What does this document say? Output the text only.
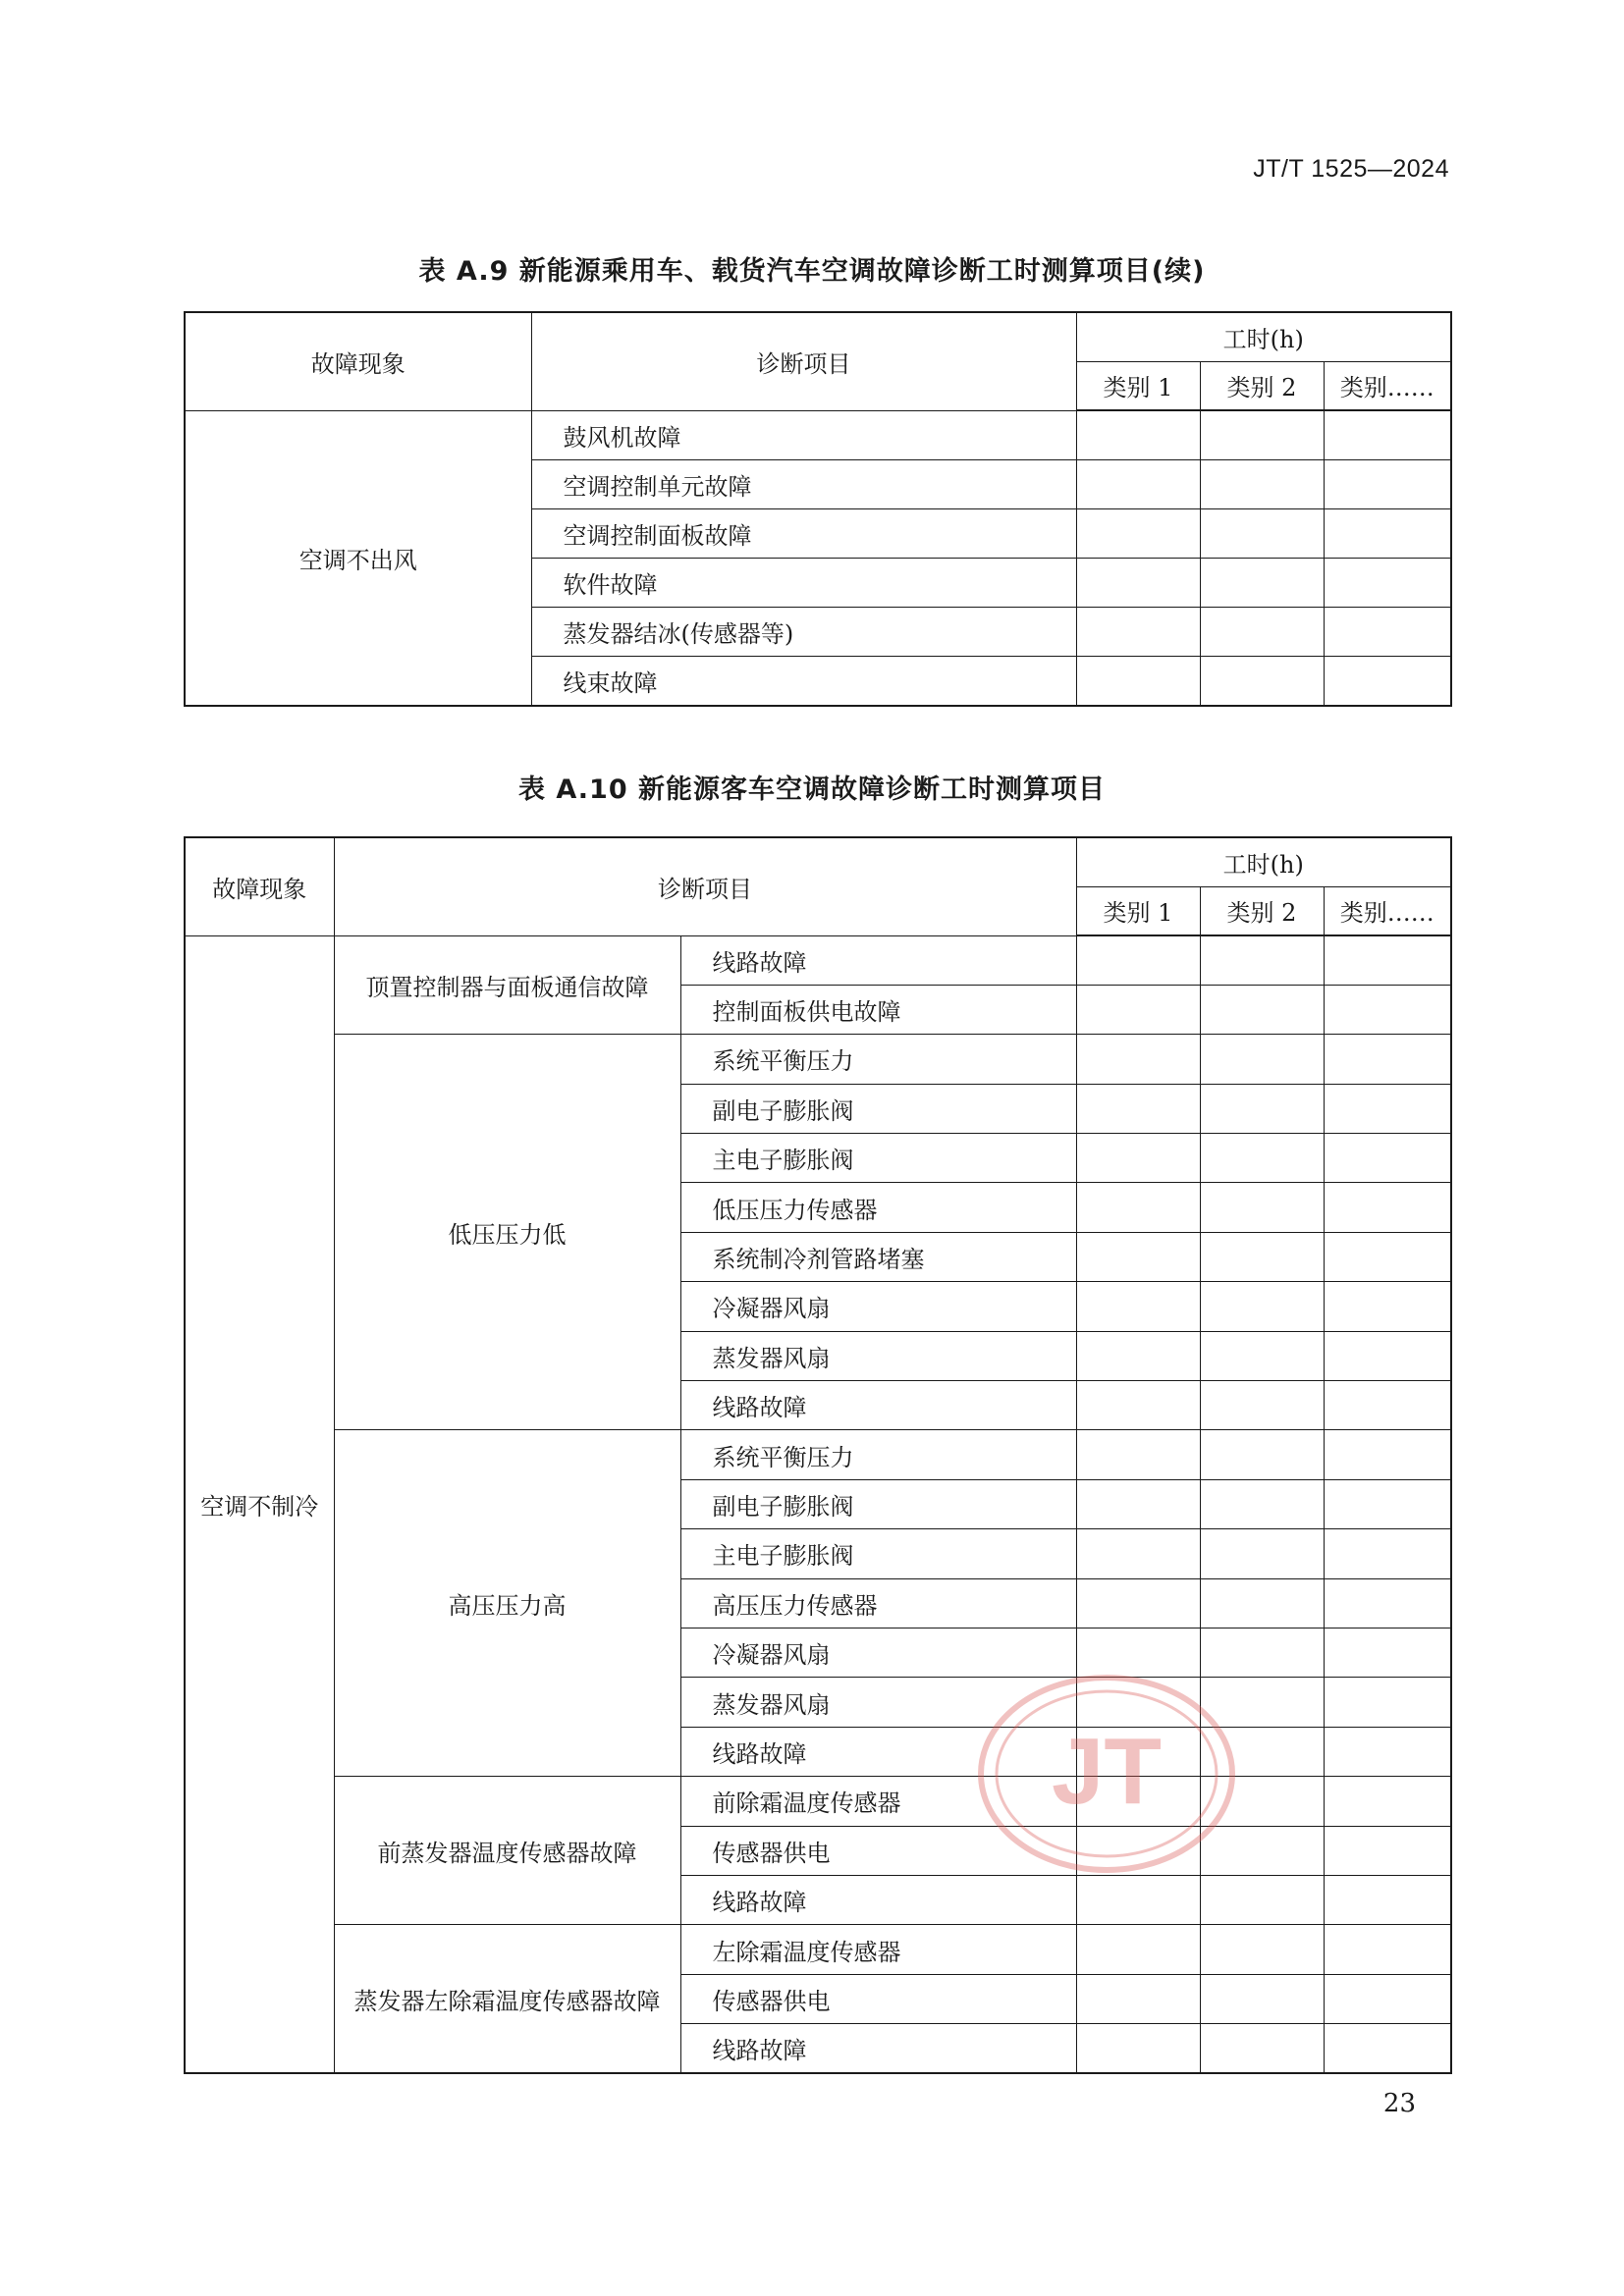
JT/T 1525—2024
表 A.9 新能源乘用车、载货汽车空调故障诊断工时测算项目(续)
故障现象	诊断项目	工时(h)		
		类别 1	类别 2	类别……
空调不出风	鼓风机故障			
	空调控制单元故障			
	空调控制面板故障			
	软件故障			
	蒸发器结冰(传感器等)			
	线束故障			
表 A.10 新能源客车空调故障诊断工时测算项目
故障现象	诊断项目		工时(h)		
			类别 1	类别 2	类别……
空调不制冷	顶置控制器与面板通信故障	线路故障			
		控制面板供电故障			
	低压压力低	系统平衡压力			
		副电子膨胀阀			
		主电子膨胀阀			
		低压压力传感器			
		系统制冷剂管路堵塞			
		冷凝器风扇			
		蒸发器风扇			
		线路故障			
	高压压力高	系统平衡压力			
		副电子膨胀阀			
		主电子膨胀阀			
		高压压力传感器			
		冷凝器风扇			
		蒸发器风扇			
		线路故障			
	前蒸发器温度传感器故障	前除霜温度传感器			
		传感器供电			
		线路故障			
	蒸发器左除霜温度传感器故障	左除霜温度传感器			
		传感器供电			
		线路故障			
JT
23
